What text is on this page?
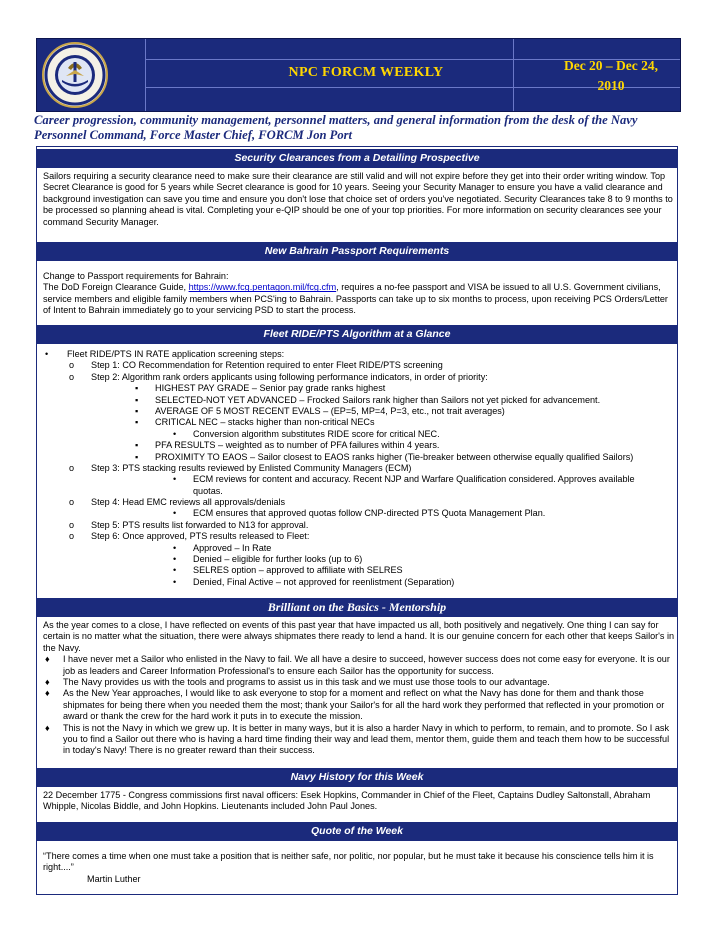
NPC FORCM WEEKLY	Dec 20 – Dec 24, 2010

Career progression, community management, personnel matters, and general information from the desk of the Navy Personnel Command, Force Master Chief, FORCM Jon Port

Security Clearances from a Detailing Prospective

Sailors requiring a security clearance need to make sure their clearance are still valid and will not expire before they get into their order writing window. Top Secret Clearance is good for 5 years while Secret clearance is good for 10 years. Seeing your Security Manager to ensure you have a valid clearance and background investigation can save you time and ensure you don't lose that choice set of orders you've negotiated. Security Clearances take 8 to 9 months to be processed so planning ahead is vital. Completing your e-QIP should be one of your top priorities. For more information on security clearances see your command Security Manager.

New Bahrain Passport Requirements

Change to Passport requirements for Bahrain:

The DoD Foreign Clearance Guide, https://www.fcg.pentagon.mil/fcg.cfm, requires a no-fee passport and VISA be issued to all U.S. Government civilians, service members and eligible family members when PCS'ing to Bahrain. Passports can take up to six months to process, upon receiving PCS Orders/Letter of Intent to Bahrain immediately go to your servicing PSD to start the process.

Fleet RIDE/PTS Algorithm at a Glance
• Fleet RIDE/PTS IN RATE application screening steps:
o Step 1: CO Recommendation for Retention required to enter Fleet RIDE/PTS screening
o Step 2: Algorithm rank orders applicants using following performance indicators, in order of priority:
▪ HIGHEST PAY GRADE – Senior pay grade ranks highest
▪ SELECTED-NOT YET ADVANCED – Frocked Sailors rank higher than Sailors not yet picked for advancement.
▪ AVERAGE OF 5 MOST RECENT EVALS – (EP=5, MP=4, P=3, etc., not trait averages)
▪ CRITICAL NEC – stacks higher than non-critical NECs
• Conversion algorithm substitutes RIDE score for critical NEC.
▪ PFA RESULTS – weighted as to number of PFA failures within 4 years.
▪ PROXIMITY TO EAOS – Sailor closest to EAOS ranks higher (Tie-breaker between otherwise equally qualified Sailors)
o Step 3: PTS stacking results reviewed by Enlisted Community Managers (ECM)
• ECM reviews for content and accuracy. Recent NJP and Warfare Qualification considered. Approves available
quotas.
o Step 4: Head EMC reviews all approvals/denials
• ECM ensures that approved quotas follow CNP-directed PTS Quota Management Plan.
o Step 5: PTS results list forwarded to N13 for approval.
o Step 6: Once approved, PTS results released to Fleet:
• Approved – In Rate
• Denied – eligible for further looks (up to 6)
• SELRES option – approved to affiliate with SELRES
• Denied, Final Active – not approved for reenlistment (Separation)
Brilliant on the Basics - Mentorship

As the year comes to a close, I have reflected on events of this past year that have impacted us all, both positively and negatively. One thing I can say for certain is no matter what the situation, there were always shipmates there ready to lend a hand. It is our genuine concern for each other that keeps Sailor's in the Navy.

♦ I have never met a Sailor who enlisted in the Navy to fail. We all have a desire to succeed, however success does not come easy for everyone. It is our job as leaders and Career Information Professional's to ensure each Sailor has the opportunity for success.
♦ The Navy provides us with the tools and programs to assist us in this task and we must use those tools to our advantage.
♦ As the New Year approaches, I would like to ask everyone to stop for a moment and reflect on what the Navy has done for them and thank those shipmates for being there when you needed them the most; thank your Sailor's for all the hard work they performed that reflected in your promotion or award or thank the crew for the hard work it puts in to execute the mission.
♦ This is not the Navy in which we grew up. It is better in many ways, but it is also a harder Navy in which to perform, to remain, and to promote. So I ask you to find a Sailor out there who is having a hard time finding their way and lead them, mentor them, guide them and teach them how to be successful in today's Navy! There is no greater reward than their success.
Navy History for this Week

22 December 1775 - Congress commissions first naval officers: Esek Hopkins, Commander in Chief of the Fleet, Captains Dudley Saltonstall, Abraham Whipple, Nicolas Biddle, and John Hopkins. Lieutenants included John Paul Jones.

Quote of the Week

“There comes a time when one must take a position that is neither safe, nor politic, nor popular, but he must take it because his conscience tells him it is right....”

Martin Luther
